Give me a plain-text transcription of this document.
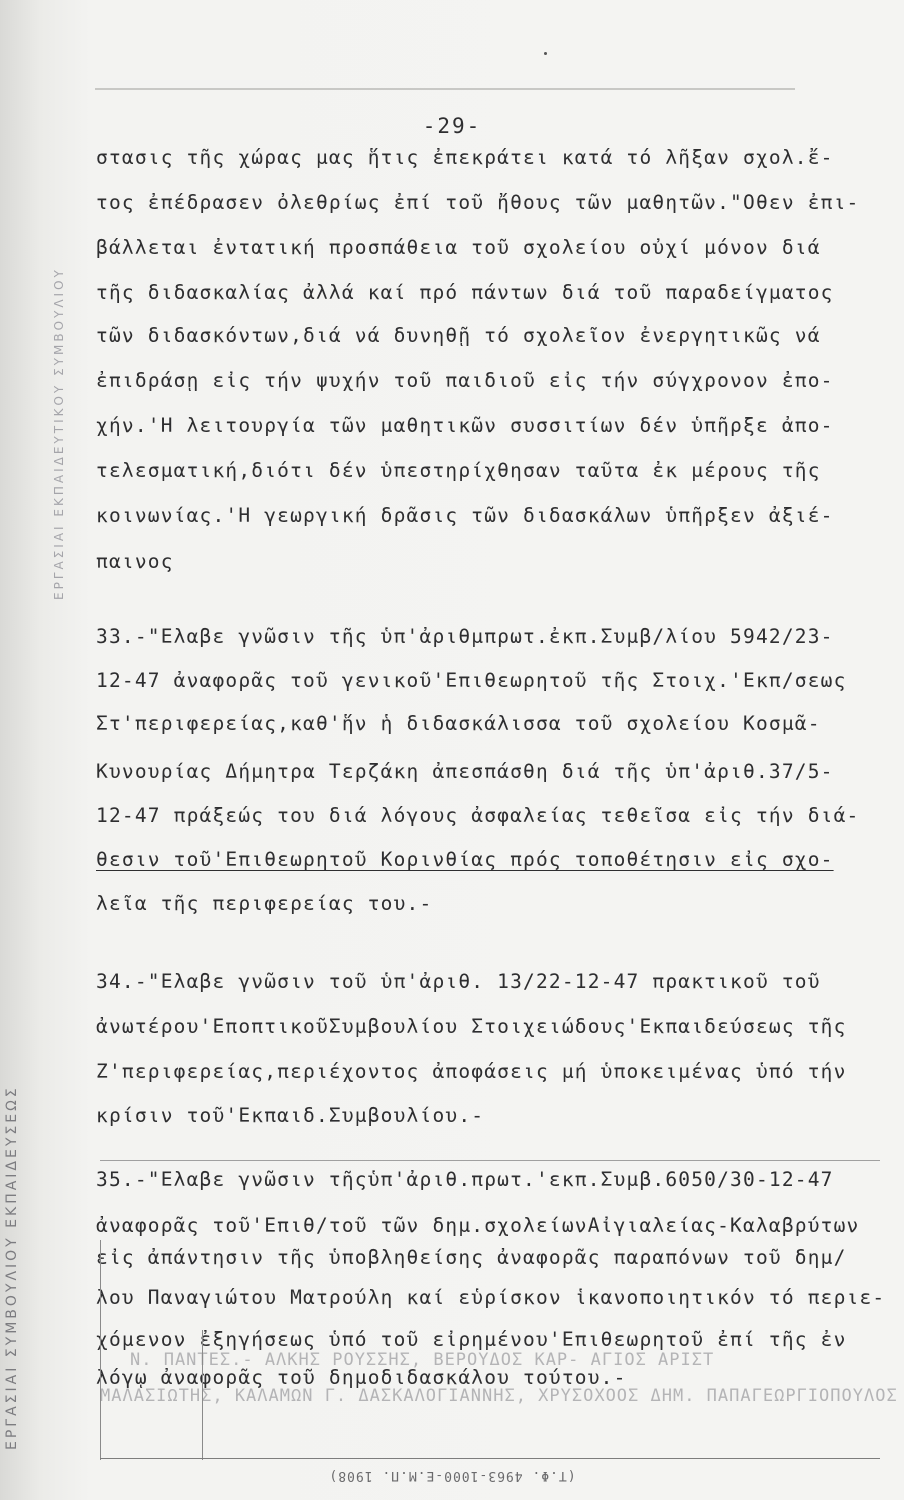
-29-
στασις τῆς χώρας μας ἥτις ἐπεκράτει κατά τό λῆξαν σχολ.ἔ-
τος ἐπέδρασεν ὀλεθρίως ἐπί τοῦ ἤθους τῶν μαθητῶν."Οθεν ἐπι-
βάλλεται ἐντατική προσπάθεια τοῦ σχολείου οὐχί μόνον διά
τῆς διδασκαλίας ἀλλά καί πρό πάντων διά τοῦ παραδείγματος
τῶν διδασκόντων,διά νά δυνηθῇ τό σχολεῖον ἐνεργητικῶς νά
ἐπιδράσῃ εἰς τήν ψυχήν τοῦ παιδιοῦ εἰς τήν σύγχρονον ἐπο-
χήν.'Η λειτουργία τῶν μαθητικῶν συσσιτίων δέν ὑπῆρξε ἀπο-
τελεσματική,διότι δέν ὑπεστηρίχθησαν ταῦτα ἐκ μέρους τῆς
κοινωνίας.'Η γεωργική δρᾶσις τῶν διδασκάλων ὑπῆρξεν ἀξιέ-
παινος
33.-"Ελαβε γνῶσιν τῆς ὑπ'ἀριθμπρωτ.ἐκπ.Συμβ/λίου 5942/23-
12-47 ἀναφορᾶς τοῦ γενικοῦ'Επιθεωρητοῦ τῆς Στοιχ.'Εκπ/σεως
Στ'περιφερείας,καθ'ἥν ἡ διδασκάλισσα τοῦ σχολείου Κοσμᾶ-
Κυνουρίας Δήμητρα Τερζάκη ἀπεσπάσθη διά τῆς ὑπ'ἀριθ.37/5-
12-47 πράξεώς του διά λόγους ἀσφαλείας τεθεῖσα εἰς τήν διά-
θεσιν τοῦ'Επιθεωρητοῦ Κορινθίας πρός τοποθέτησιν εἰς σχο-
λεῖα τῆς περιφερείας του.-
34.-"Ελαβε γνῶσιν τοῦ ὑπ'ἀριθ. 13/22-12-47 πρακτικοῦ τοῦ
ἀνωτέρου'ΕποπτικοῦΣυμβουλίου Στοιχειώδους'Εκπαιδεύσεως τῆς
Ζ'περιφερείας,περιέχοντος ἀποφάσεις μή ὑποκειμένας ὑπό τήν
κρίσιν τοῦ'Εκπαιδ.Συμβουλίου.-
35.-"Ελαβε γνῶσιν τῆςὑπ'ἀριθ.πρωτ.'εκπ.Συμβ.6050/30-12-47
ἀναφορᾶς τοῦ'Επιθ/τοῦ τῶν δημ.σχολείωνΑἰγιαλείας-Καλαβρύτων
εἰς ἀπάντησιν τῆς ὑποβληθείσης ἀναφορᾶς παραπόνων τοῦ δημ/
λου Παναγιώτου Ματρούλη καί εὑρίσκον ἱκανοποιητικόν τό περιε-
χόμενον ἐξηγήσεως ὑπό τοῦ εἰρημένου'Επιθεωρητοῦ ἐπί τῆς ἐν
λόγῳ ἀναφορᾶς τοῦ δημοδιδασκάλου τούτου.-
Ν. ΠΑΝΤΕΣ.- ΑΛΚΗΣ ΡΟΥΣΣΗΣ, ΒΕΡΟΥΔΟΣ ΚΑΡ- ΑΓΙΟΣ ΑΡΙΣΤ
ΜΑΛΑΣΙΩΤΗΣ, ΚΑΛΑΜΩΝ Γ. ΔΑΣΚΑΛΟΓΙΑΝΝΗΣ, ΧΡΥΣΟΧΟΟΣ ΔΗΜ. ΠΑΠΑΓΕΩΡΓΙΟΠΟΥΛΟΣ
ΕΡΓΑΣΙΑΙ ΣΥΜΒΟΥΛΙΟΥ ΕΚΠΑΙΔΕΥΣΕΩΣ
ΕΡΓΑΣΙΑΙ ΕΚΠΑΙΔΕΥΤΙΚΟΥ ΣΥΜΒΟΥΛΙΟΥ
(Τ.Φ. 4963-1000-Ε.Μ.Π. 1908)
